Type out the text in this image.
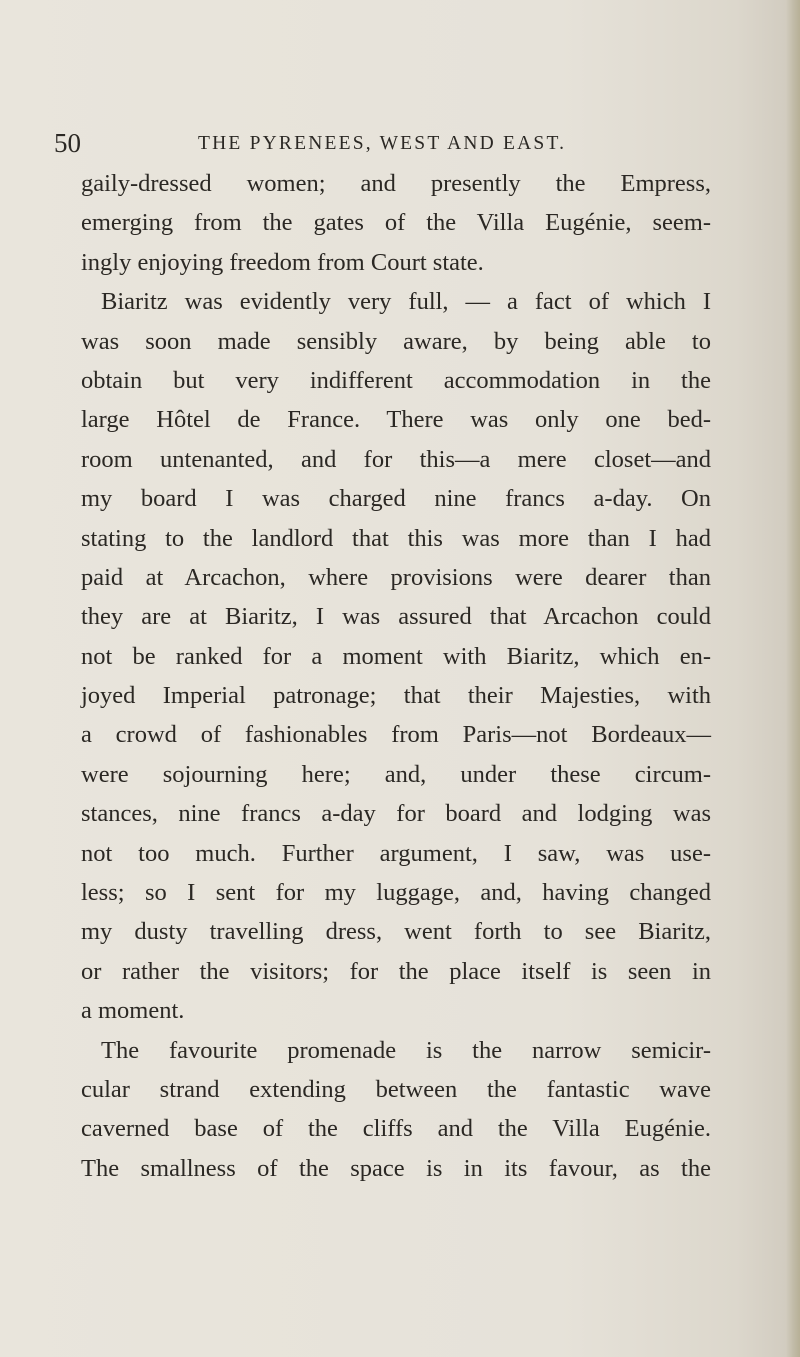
50	THE PYRENEES, WEST AND EAST.
gaily-dressed women; and presently the Empress,
emerging from the gates of the Villa Eugénie, seem-
ingly enjoying freedom from Court state.
Biaritz was evidently very full, — a fact of which I
was soon made sensibly aware, by being able to
obtain but very indifferent accommodation in the
large Hôtel de France. There was only one bed-
room untenanted, and for this—a mere closet—and
my board I was charged nine francs a-day. On
stating to the landlord that this was more than I had
paid at Arcachon, where provisions were dearer than
they are at Biaritz, I was assured that Arcachon could
not be ranked for a moment with Biaritz, which en-
joyed Imperial patronage; that their Majesties, with
a crowd of fashionables from Paris—not Bordeaux—
were sojourning here; and, under these circum-
stances, nine francs a-day for board and lodging was
not too much. Further argument, I saw, was use-
less; so I sent for my luggage, and, having changed
my dusty travelling dress, went forth to see Biaritz,
or rather the visitors; for the place itself is seen in
a moment.
The favourite promenade is the narrow semicir-
cular strand extending between the fantastic wave
caverned base of the cliffs and the Villa Eugénie.
The smallness of the space is in its favour, as the
